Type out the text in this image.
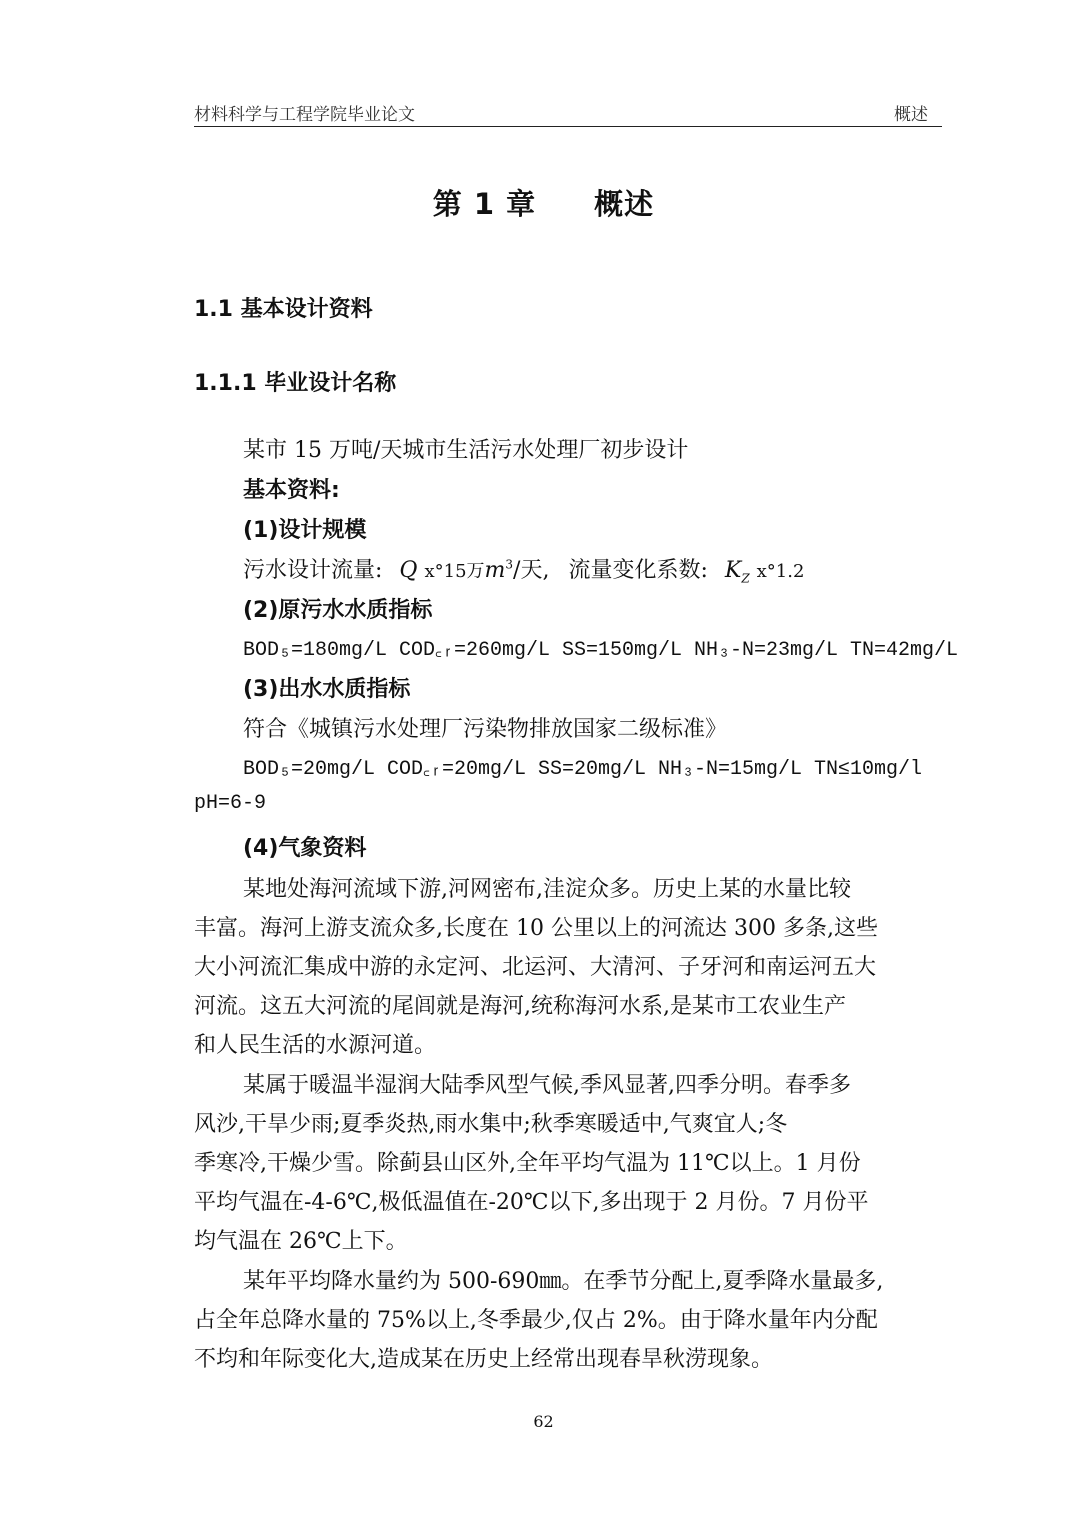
材料科学与工程学院毕业论文	概述
第 1 章 概述
1.1 基本设计资料
1.1.1 毕业设计名称
某市 15 万吨/天城市生活污水处理厂初步设计
基本资料:
(1)设计规模
污水设计流量: Q ⅹ°15万$m^3/$天, 流量变化系数: $K_Z$ ⅹ°1.2
(2)原污水水质指标
BOD₅=180mg/L COD꜀ᵣ=260mg/L SS=150mg/L NH₃-N=23mg/L TN=42mg/L
(3)出水水质指标
符合《城镇污水处理厂污染物排放国家二级标准》
BOD₅=20mg/L COD꜀ᵣ=20mg/L SS=20mg/L NH₃-N=15mg/L TN≤10mg/l
pH=6-9
(4)气象资料
某地处海河流域下游,河网密布,洼淀众多。历史上某的水量比较
丰富。海河上游支流众多,长度在 10 公里以上的河流达 300 多条,这些
大小河流汇集成中游的永定河、北运河、大清河、子牙河和南运河五大
河流。这五大河流的尾闾就是海河,统称海河水系,是某市工农业生产
和人民生活的水源河道。
某属于暖温半湿润大陆季风型气候,季风显著,四季分明。春季多
风沙,干旱少雨;夏季炎热,雨水集中;秋季寒暖适中,气爽宜人;冬
季寒冷,干燥少雪。除蓟县山区外,全年平均气温为 11℃以上。1 月份
平均气温在-4-6℃,极低温值在-20℃以下,多出现于 2 月份。7 月份平
均气温在 26℃上下。
某年平均降水量约为 500-690㎜。在季节分配上,夏季降水量最多,
占全年总降水量的 75%以上,冬季最少,仅占 2%。由于降水量年内分配
不均和年际变化大,造成某在历史上经常出现春旱秋涝现象。
62
